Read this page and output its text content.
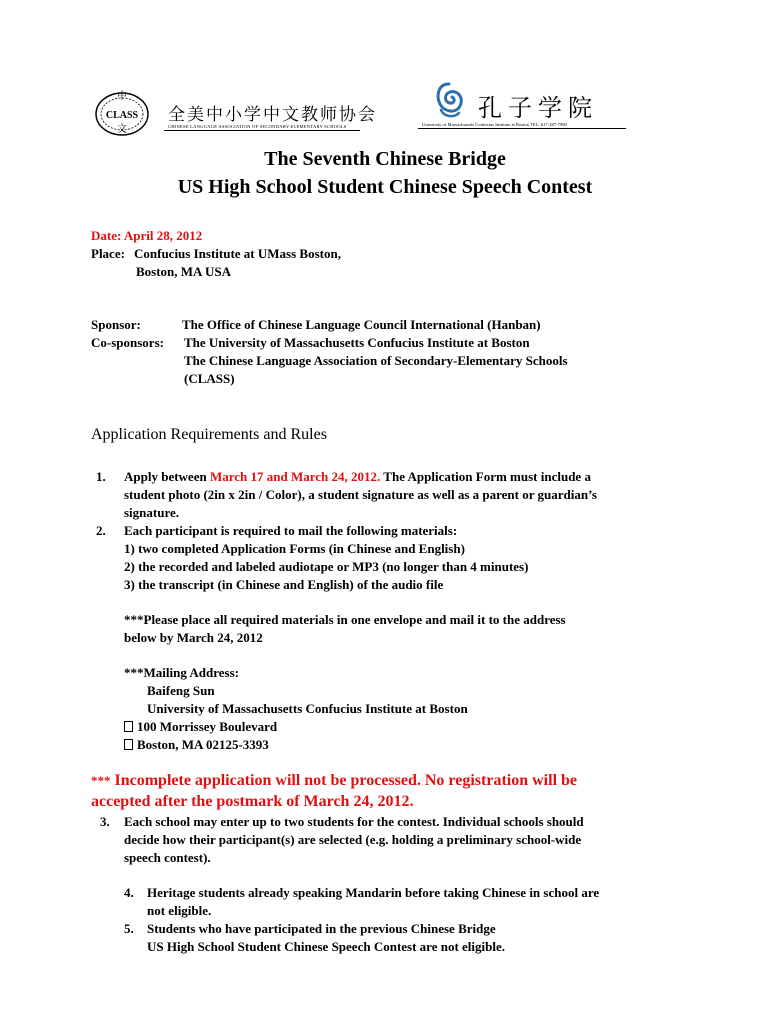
中
CLASS
文
全美中小学中文教师协会
CHINESE LANGUAGE ASSOCIATION OF SECONDARY-ELEMENTARY SCHOOLS
孔子学院
University of Massachusetts Confucius Institute at Boston TEL: 617-287-7990
The Seventh Chinese Bridge
US High School Student Chinese Speech Contest
Date: April 28, 2012
Place: Confucius Institute at UMass Boston,
Boston, MA USA
Sponsor:	The Office of Chinese Language Council International (Hanban)
Co-sponsors: The University of Massachusetts Confucius Institute at Boston
The Chinese Language Association of Secondary-Elementary Schools
(CLASS)
Application Requirements and Rules
1.	Apply between March 17 and March 24, 2012. The Application Form must include a
student photo (2in x 2in / Color), a student signature as well as a parent or guardian’s
signature.
2. Each participant is required to mail the following materials:
1) two completed Application Forms (in Chinese and English)
2) the recorded and labeled audiotape or MP3 (no longer than 4 minutes)
3) the transcript (in Chinese and English) of the audio file
***Please place all required materials in one envelope and mail it to the address
below by March 24, 2012
***Mailing Address:
Baifeng Sun
University of Massachusetts Confucius Institute at Boston
100 Morrissey Boulevard
Boston, MA 02125-3393
*** Incomplete application will not be processed. No registration will be
accepted after the postmark of March 24, 2012.
3. Each school may enter up to two students for the contest. Individual schools should
decide how their participant(s) are selected (e.g. holding a preliminary school-wide
speech contest).
4. Heritage students already speaking Mandarin before taking Chinese in school are
not eligible.
5. Students who have participated in the previous Chinese Bridge
US High School Student Chinese Speech Contest are not eligible.
